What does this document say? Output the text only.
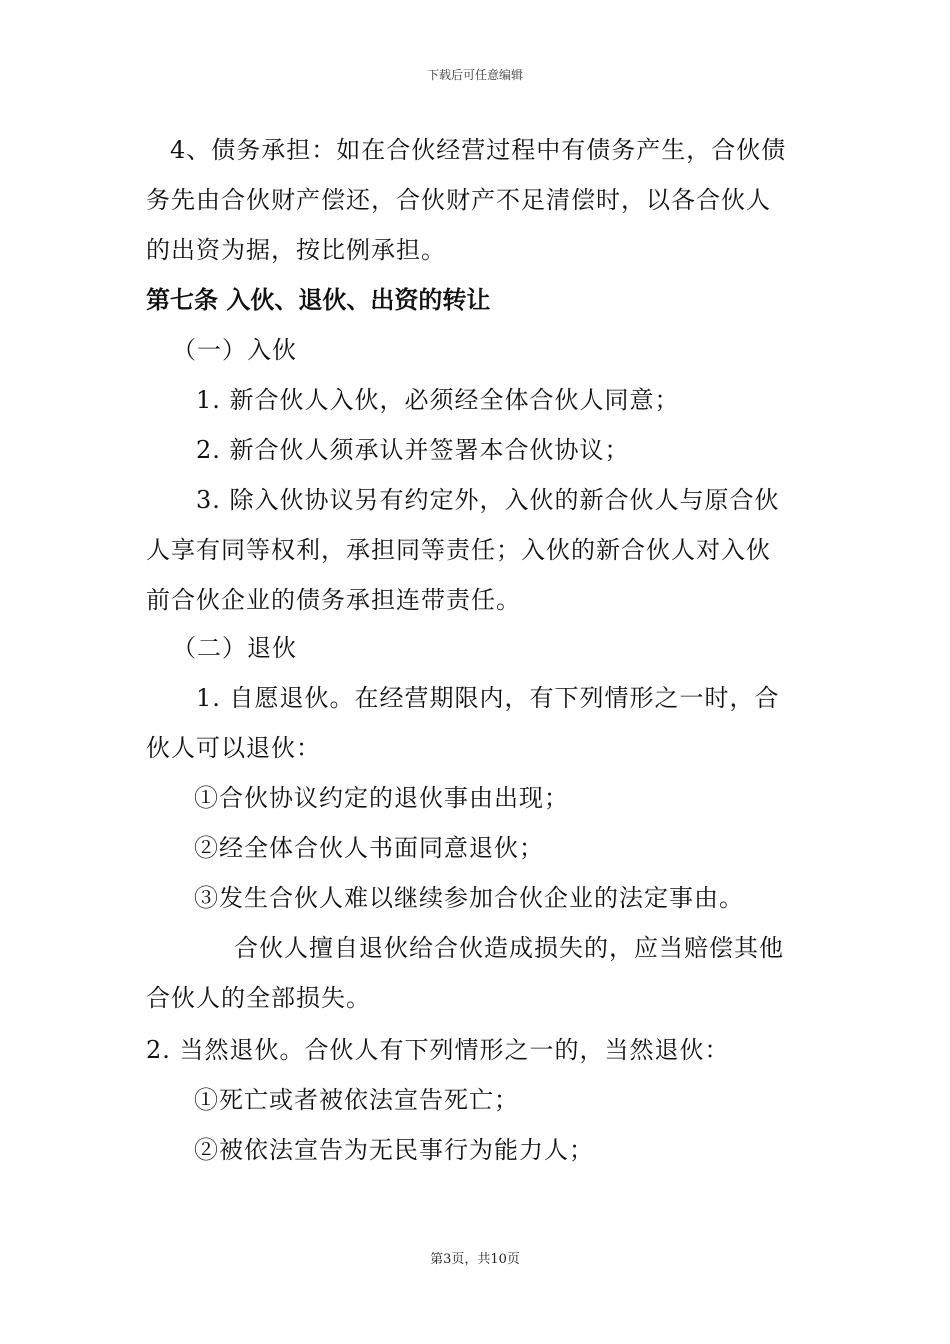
下载后可任意编辑
4、债务承担：如在合伙经营过程中有债务产生，合伙债
务先由合伙财产偿还，合伙财产不足清偿时，以各合伙人
的出资为据，按比例承担。
第七条 入伙、退伙、出资的转让
（一）入伙
1. 新合伙人入伙，必须经全体合伙人同意；
2. 新合伙人须承认并签署本合伙协议；
3. 除入伙协议另有约定外，入伙的新合伙人与原合伙
人享有同等权利，承担同等责任；入伙的新合伙人对入伙
前合伙企业的债务承担连带责任。
（二）退伙
1. 自愿退伙。在经营期限内，有下列情形之一时，合
伙人可以退伙：
①合伙协议约定的退伙事由出现；
②经全体合伙人书面同意退伙；
③发生合伙人难以继续参加合伙企业的法定事由。
合伙人擅自退伙给合伙造成损失的，应当赔偿其他
合伙人的全部损失。
2. 当然退伙。合伙人有下列情形之一的，当然退伙：
①死亡或者被依法宣告死亡；
②被依法宣告为无民事行为能力人；
第3页，共10页
